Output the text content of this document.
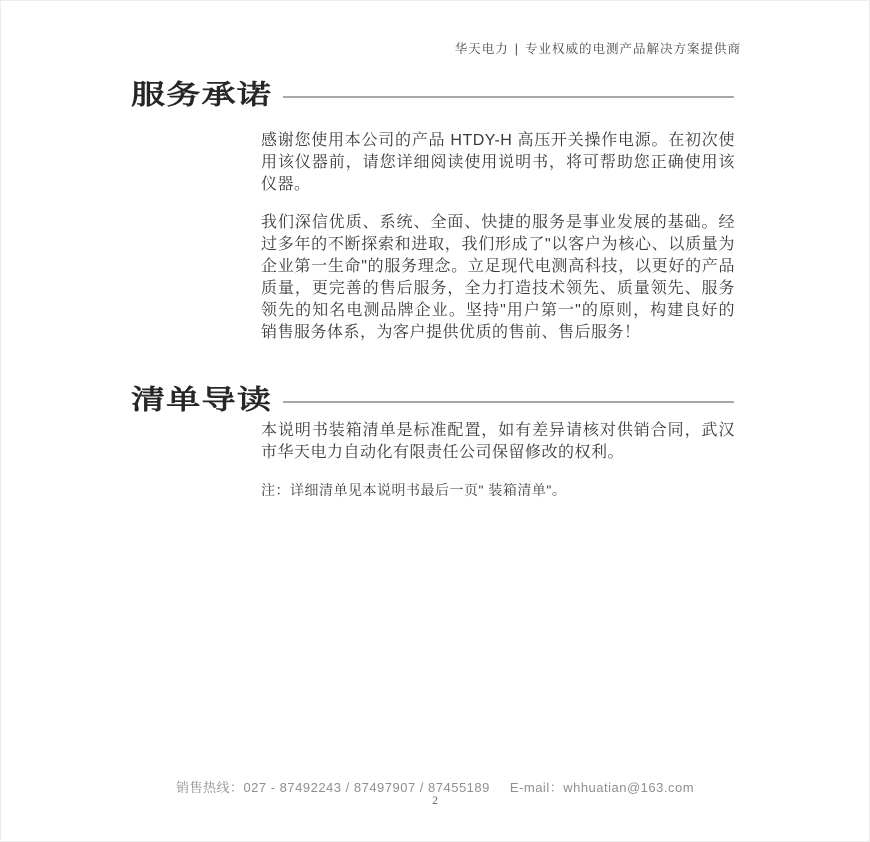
华天电力 | 专业权威的电测产品解决方案提供商
服务承诺

感谢您使用本公司的产品 HTDY-H 高压开关操作电源。在初次使用该仪器前，请您详细阅读使用说明书，将可帮助您正确使用该仪器。

我们深信优质、系统、全面、快捷的服务是事业发展的基础。经过多年的不断探索和进取，我们形成了"以客户为核心、以质量为企业第一生命"的服务理念。立足现代电测高科技，以更好的产品质量，更完善的售后服务，全力打造技术领先、质量领先、服务领先的知名电测品牌企业。坚持"用户第一"的原则，构建良好的销售服务体系，为客户提供优质的售前、售后服务！

清单导读

本说明书装箱清单是标准配置，如有差异请核对供销合同，武汉市华天电力自动化有限责任公司保留修改的权利。

注：详细清单见本说明书最后一页" 装箱清单"。

销售热线：027 - 87492243 / 87497907 / 87455189 E-mail：whhuatian@163.com
2
